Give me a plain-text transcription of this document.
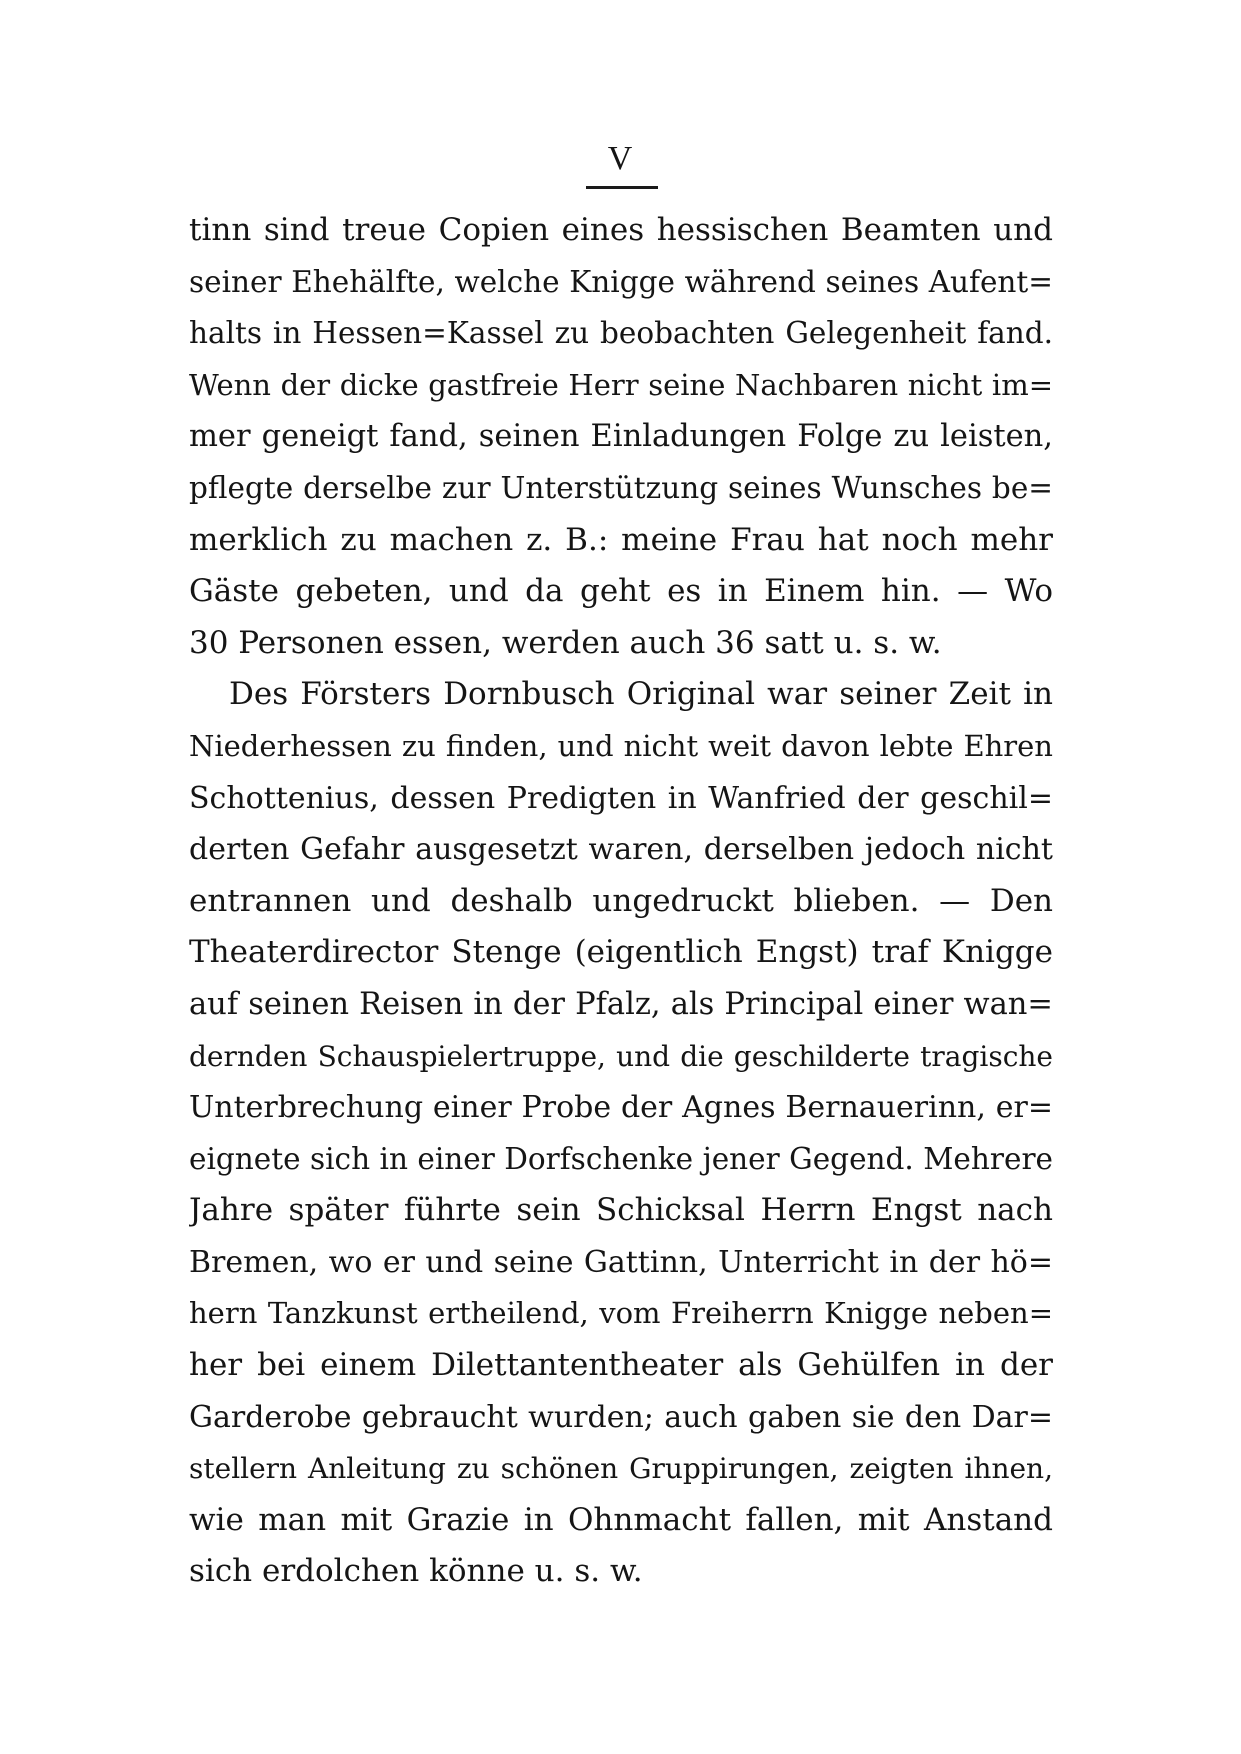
V
tinn sind treue Copien eines hessischen Beamten und
seiner Ehehälfte, welche Knigge während seines Aufent=
halts in Hessen=Kassel zu beobachten Gelegenheit fand.
Wenn der dicke gastfreie Herr seine Nachbaren nicht im=
mer geneigt fand, seinen Einladungen Folge zu leisten,
pflegte derselbe zur Unterstützung seines Wunsches be=
merklich zu machen z. B.: meine Frau hat noch mehr
Gäste gebeten, und da geht es in Einem hin. — Wo
30 Personen essen, werden auch 36 satt u. s. w.
Des Försters Dornbusch Original war seiner Zeit in
Niederhessen zu finden, und nicht weit davon lebte Ehren
Schottenius, dessen Predigten in Wanfried der geschil=
derten Gefahr ausgesetzt waren, derselben jedoch nicht
entrannen und deshalb ungedruckt blieben. — Den
Theaterdirector Stenge (eigentlich Engst) traf Knigge
auf seinen Reisen in der Pfalz, als Principal einer wan=
dernden Schauspielertruppe, und die geschilderte tragische
Unterbrechung einer Probe der Agnes Bernauerinn, er=
eignete sich in einer Dorfschenke jener Gegend. Mehrere
Jahre später führte sein Schicksal Herrn Engst nach
Bremen, wo er und seine Gattinn, Unterricht in der hö=
hern Tanzkunst ertheilend, vom Freiherrn Knigge neben=
her bei einem Dilettantentheater als Gehülfen in der
Garderobe gebraucht wurden; auch gaben sie den Dar=
stellern Anleitung zu schönen Gruppirungen, zeigten ihnen,
wie man mit Grazie in Ohnmacht fallen, mit Anstand
sich erdolchen könne u. s. w.
